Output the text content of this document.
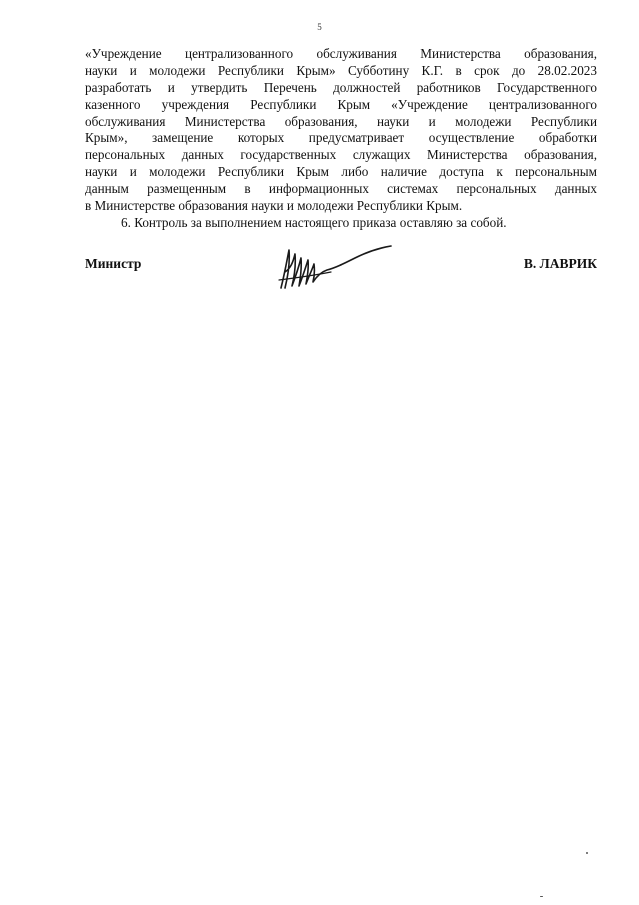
5
«Учреждение централизованного обслуживания Министерства образования,
науки и молодежи Республики Крым» Субботину К.Г. в срок до 28.02.2023
разработать и утвердить Перечень должностей работников Государственного
казенного учреждения Республики Крым «Учреждение централизованного
обслуживания Министерства образования, науки и молодежи Республики
Крым», замещение которых предусматривает осуществление обработки
персональных данных государственных служащих Министерства образования,
науки и молодежи Республики Крым либо наличие доступа к персональным
данным размещенным в информационных системах персональных данных
в Министерстве образования науки и молодежи Республики Крым.
6. Контроль за выполнением настоящего приказа оставляю за собой.
Министр	В. ЛАВРИК
